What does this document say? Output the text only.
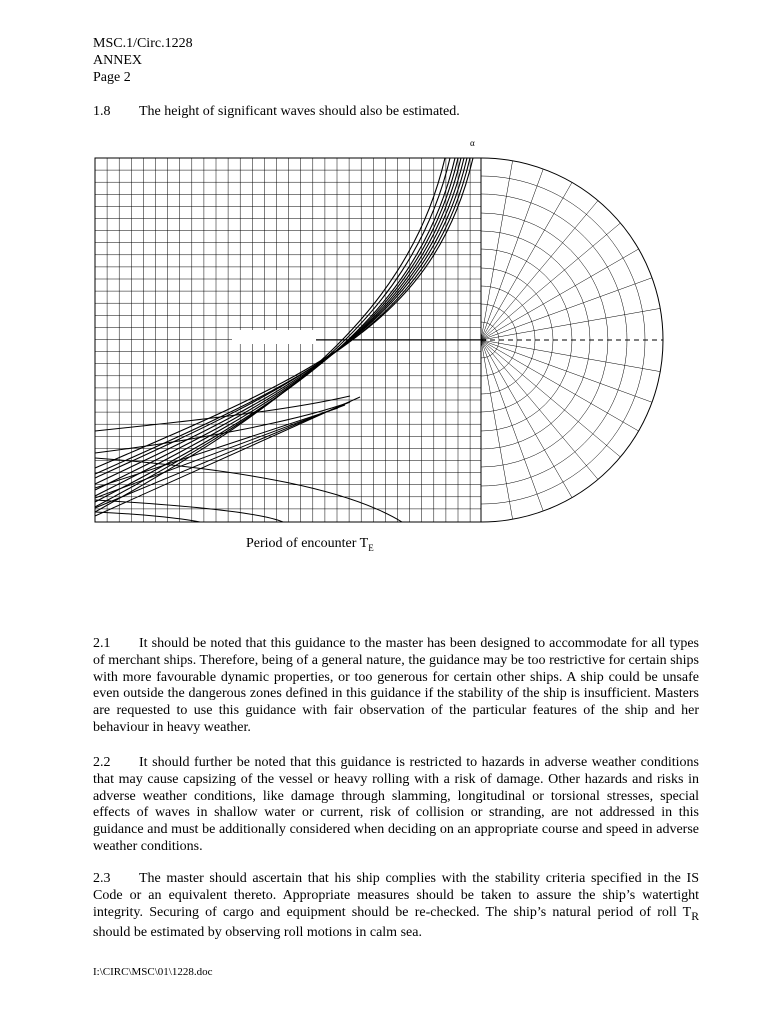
MSC.1/Circ.1228
ANNEX
Page 2
1.8 The height of significant waves should also be estimated.
α
Period of encounter $T_E$

2.1 It should be noted that this guidance to the master has been designed to accommodate for all types of merchant ships. Therefore, being of a general nature, the guidance may be too restrictive for certain ships with more favourable dynamic properties, or too generous for certain other ships. A ship could be unsafe even outside the dangerous zones defined in this guidance if the stability of the ship is insufficient. Masters are requested to use this guidance with fair observation of the particular features of the ship and her behaviour in heavy weather.

2.2 It should further be noted that this guidance is restricted to hazards in adverse weather conditions that may cause capsizing of the vessel or heavy rolling with a risk of damage. Other hazards and risks in adverse weather conditions, like damage through slamming, longitudinal or torsional stresses, special effects of waves in shallow water or current, risk of collision or stranding, are not addressed in this guidance and must be additionally considered when deciding on an appropriate course and speed in adverse weather conditions.

2.3 The master should ascertain that his ship complies with the stability criteria specified in the IS Code or an equivalent thereto. Appropriate measures should be taken to assure the ship’s watertight integrity. Securing of cargo and equipment should be re-checked. The ship’s natural period of roll $T_R$ should be estimated by observing roll motions in calm sea.

I:\CIRC\MSC\01\1228.doc
